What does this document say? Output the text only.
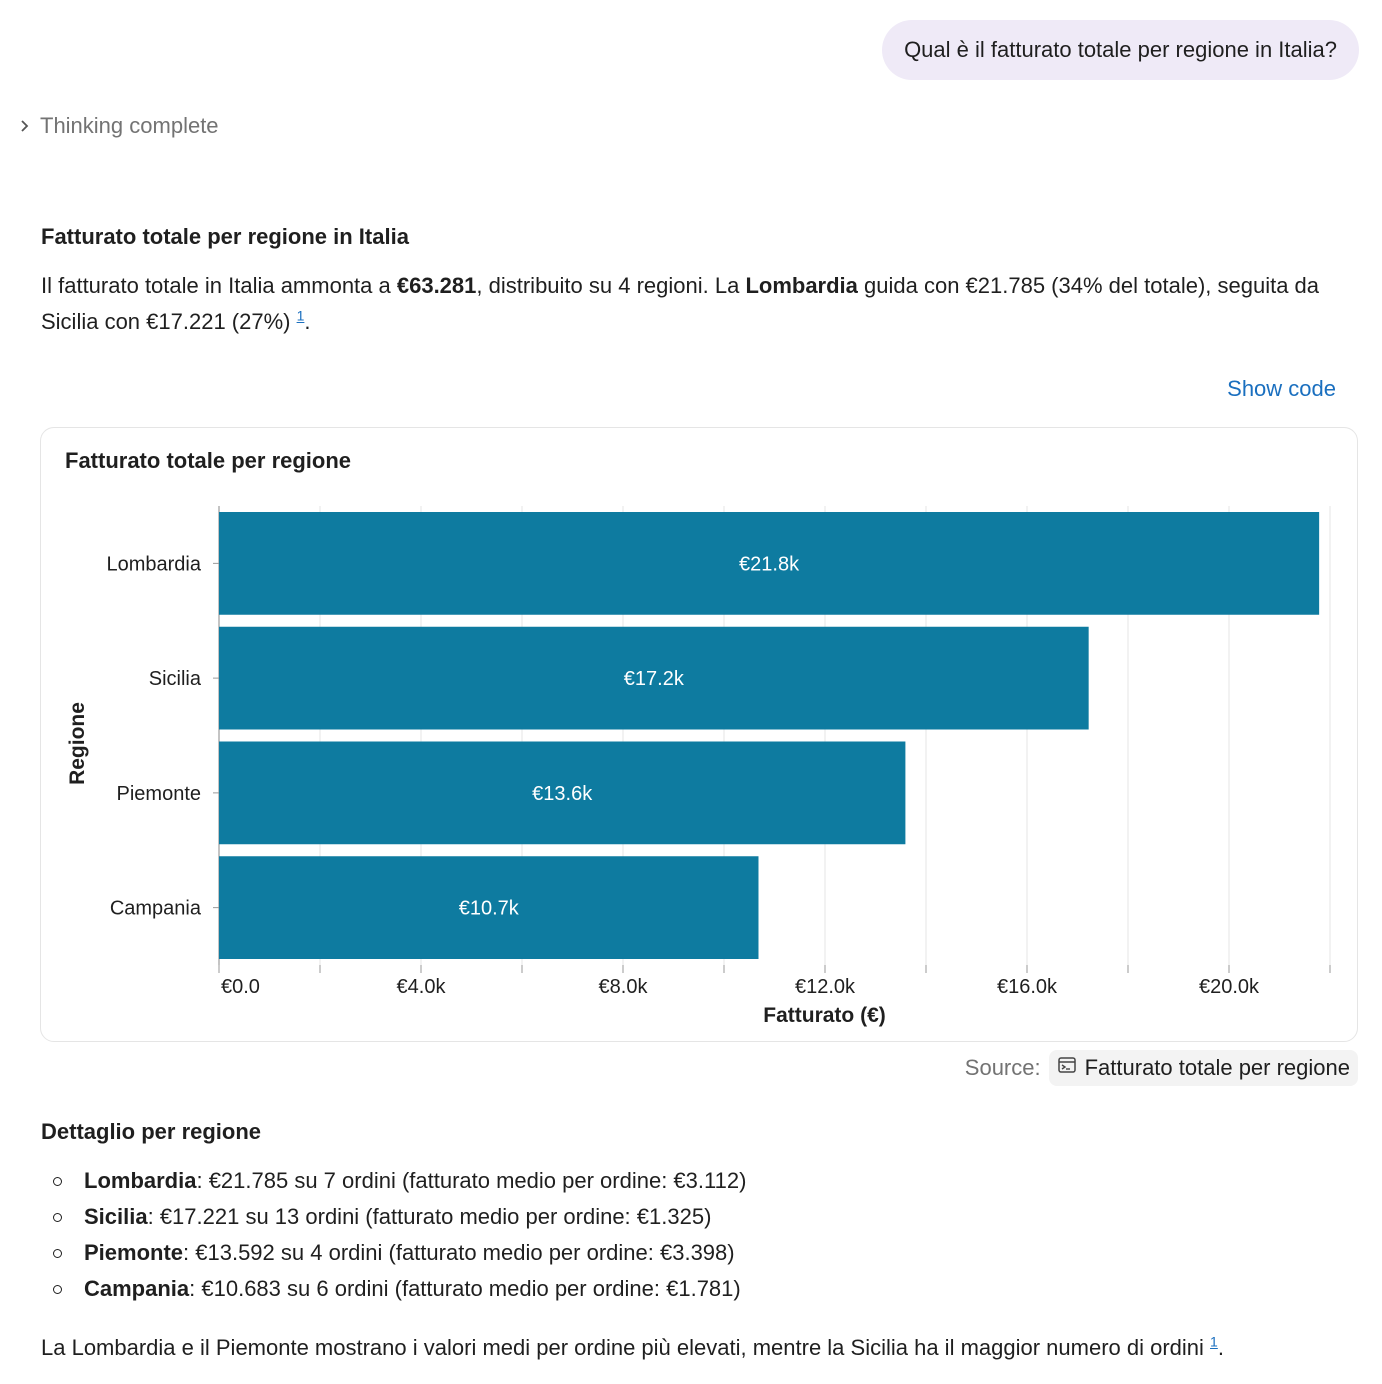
Qual è il fatturato totale per regione in Italia?
Thinking complete
Fatturato totale per regione in Italia
Il fatturato totale in Italia ammonta a €63.281, distribuito su 4 regioni. La Lombardia guida con €21.785 (34% del totale), seguita da Sicilia con €17.221 (27%) $^1$.
Show code
Fatturato totale per regione
Lombardia	€21.8k
Sicilia	€17.2k
Piemonte	€13.6k
Campania	€10.7k
€0.0	€4.0k	€8.0k	€12.0k	€16.0k	€20.0k
Fatturato (€)
Regione
Source: Fatturato totale per regione
Dettaglio per regione
Lombardia : €21.785 su 7 ordini (fatturato medio per ordine: €3.112)
Sicilia : €17.221 su 13 ordini (fatturato medio per ordine: €1.325)
Piemonte : €13.592 su 4 ordini (fatturato medio per ordine: €3.398)
Campania : €10.683 su 6 ordini (fatturato medio per ordine: €1.781)
La Lombardia e il Piemonte mostrano i valori medi per ordine più elevati, mentre la Sicilia ha il maggior numero di ordini $^1$.
